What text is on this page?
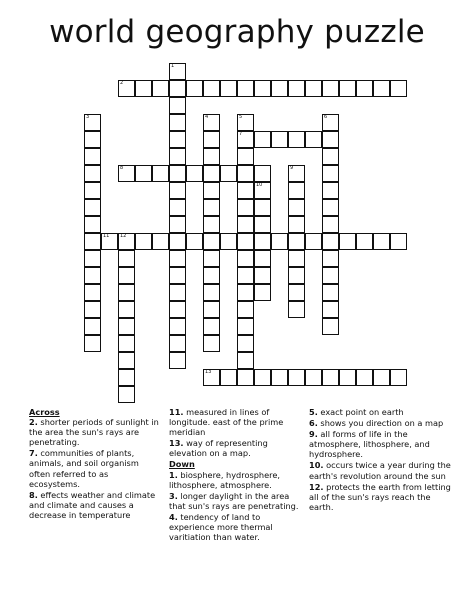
world geography puzzle
1
2
3	4	5
7
6
8	9
10
11 12
13
Across
2. shorter periods of sunlight in the area the sun's rays are penetrating.
7. communities of plants, animals, and soil organism often referred to as ecosystems.
8. effects weather and climate and climate and causes a decrease in temperature
11. measured in lines of longitude. east of the prime meridian
13. way of representing elevation on a map.
Down
1. biosphere, hydrosphere, lithosphere, atmosphere.
3. longer daylight in the area that sun's rays are penetrating.
4. tendency of land to experience more thermal varitiation than water.
5. exact point on earth
6. shows you direction on a map
9. all forms of life in the atmosphere, lithosphere, and hydrosphere.
10. occurs twice a year during the earth's revolution around the sun
12. protects the earth from letting all of the sun's rays reach the earth.
